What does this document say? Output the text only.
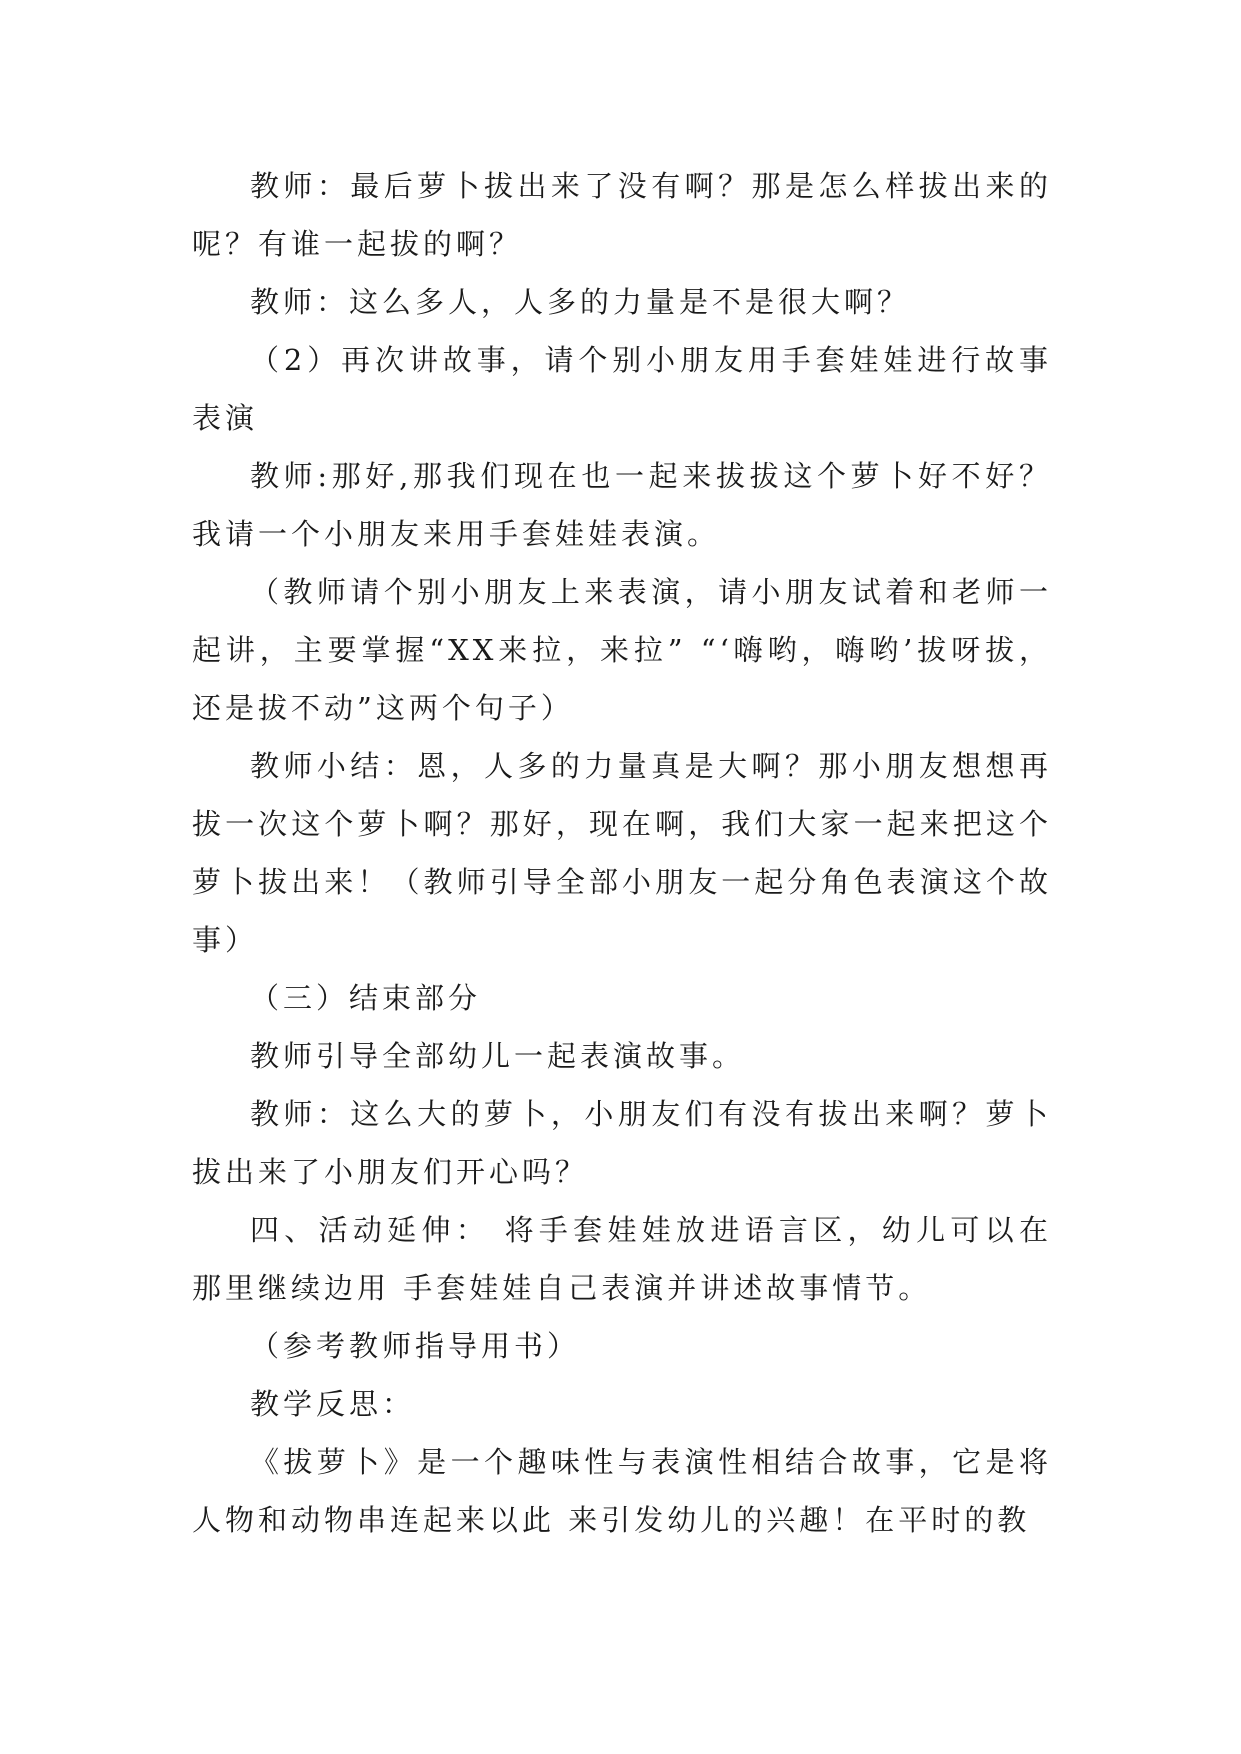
教师：最后萝卜拔出来了没有啊？那是怎么样拔出来的呢？有谁一起拔的啊？

教师：这么多人，人多的力量是不是很大啊？

（2）再次讲故事，请个别小朋友用手套娃娃进行故事表演

教师:那好,那我们现在也一起来拔拔这个萝卜好不好？我请一个小朋友来用手套娃娃表演。

（教师请个别小朋友上来表演，请小朋友试着和老师一起讲，主要掌握“XX来拉，来拉” “‘嗨哟，嗨哟’拔呀拔，还是拔不动”这两个句子）

教师小结：恩，人多的力量真是大啊？那小朋友想想再拔一次这个萝卜啊？那好，现在啊，我们大家一起来把这个萝卜拔出来！（教师引导全部小朋友一起分角色表演这个故事）

（三）结束部分

教师引导全部幼儿一起表演故事。

教师：这么大的萝卜，小朋友们有没有拔出来啊？萝卜拔出来了小朋友们开心吗？

四、活动延伸： 将手套娃娃放进语言区，幼儿可以在那里继续边用 手套娃娃自己表演并讲述故事情节。

（参考教师指导用书）

教学反思：

《拔萝卜》是一个趣味性与表演性相结合故事，它是将人物和动物串连起来以此 来引发幼儿的兴趣！在平时的教
